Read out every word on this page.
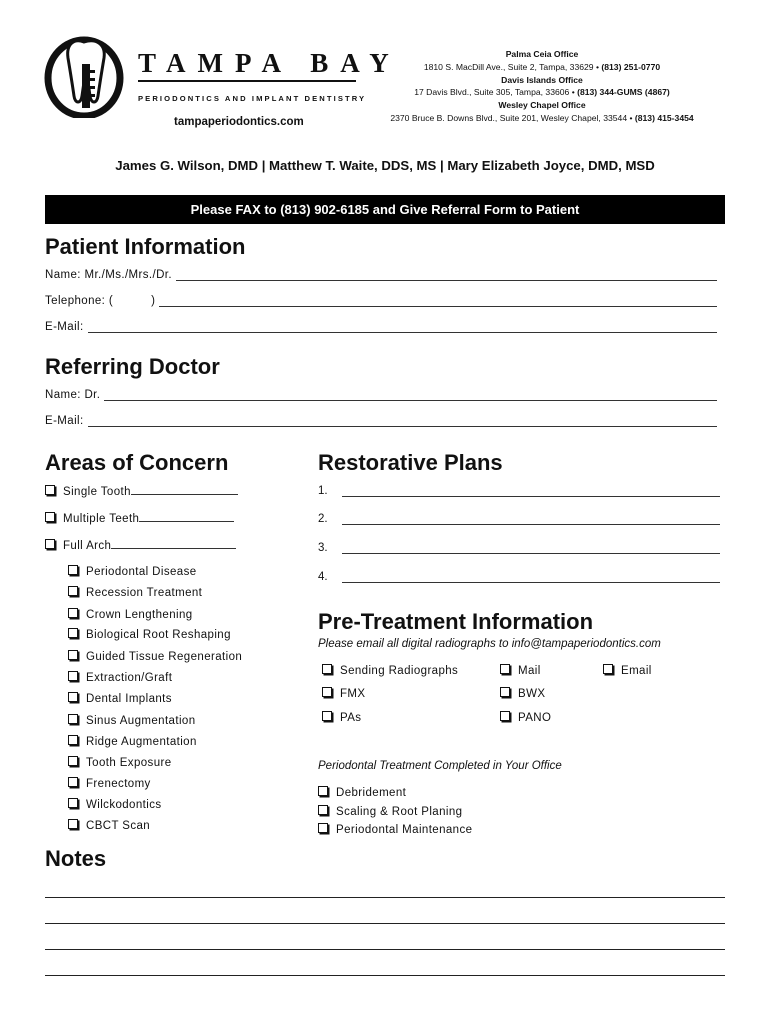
TAMPA BAY
PERIODONTICS AND IMPLANT DENTISTRY
tampaperiodontics.com
Palma Ceia Office
1810 S. MacDill Ave., Suite 2, Tampa, 33629 • (813) 251-0770

Davis Islands Office
17 Davis Blvd., Suite 305, Tampa, 33606 • (813) 344-GUMS (4867)

Wesley Chapel Office
2370 Bruce B. Downs Blvd., Suite 201, Wesley Chapel, 33544 • (813) 415-3454
James G. Wilson, DMD | Matthew T. Waite, DDS, MS | Mary Elizabeth Joyce, DMD, MSD
Please FAX to (813) 902-6185 and Give Referral Form to Patient
Patient Information
Name: Mr./Ms./Mrs./Dr.
Telephone: (	)
E-Mail:
Referring Doctor
Name: Dr.
E-Mail:
Areas of Concern
Single Tooth
Multiple Teeth
Full Arch
Periodontal Disease
Recession Treatment
Crown Lengthening
Biological Root Reshaping
Guided Tissue Regeneration
Extraction/Graft
Dental Implants
Sinus Augmentation
Ridge Augmentation
Tooth Exposure
Frenectomy
Wilckodontics
CBCT Scan
Restorative Plans
1.
2.
3.
4.
Pre-Treatment Information
Please email all digital radiographs to info@tampaperiodontics.com
Sending Radiographs	Mail	Email
FMX	BWX
PAs	PANO
Periodontal Treatment Completed in Your Office
Debridement
Scaling & Root Planing
Periodontal Maintenance
Notes
